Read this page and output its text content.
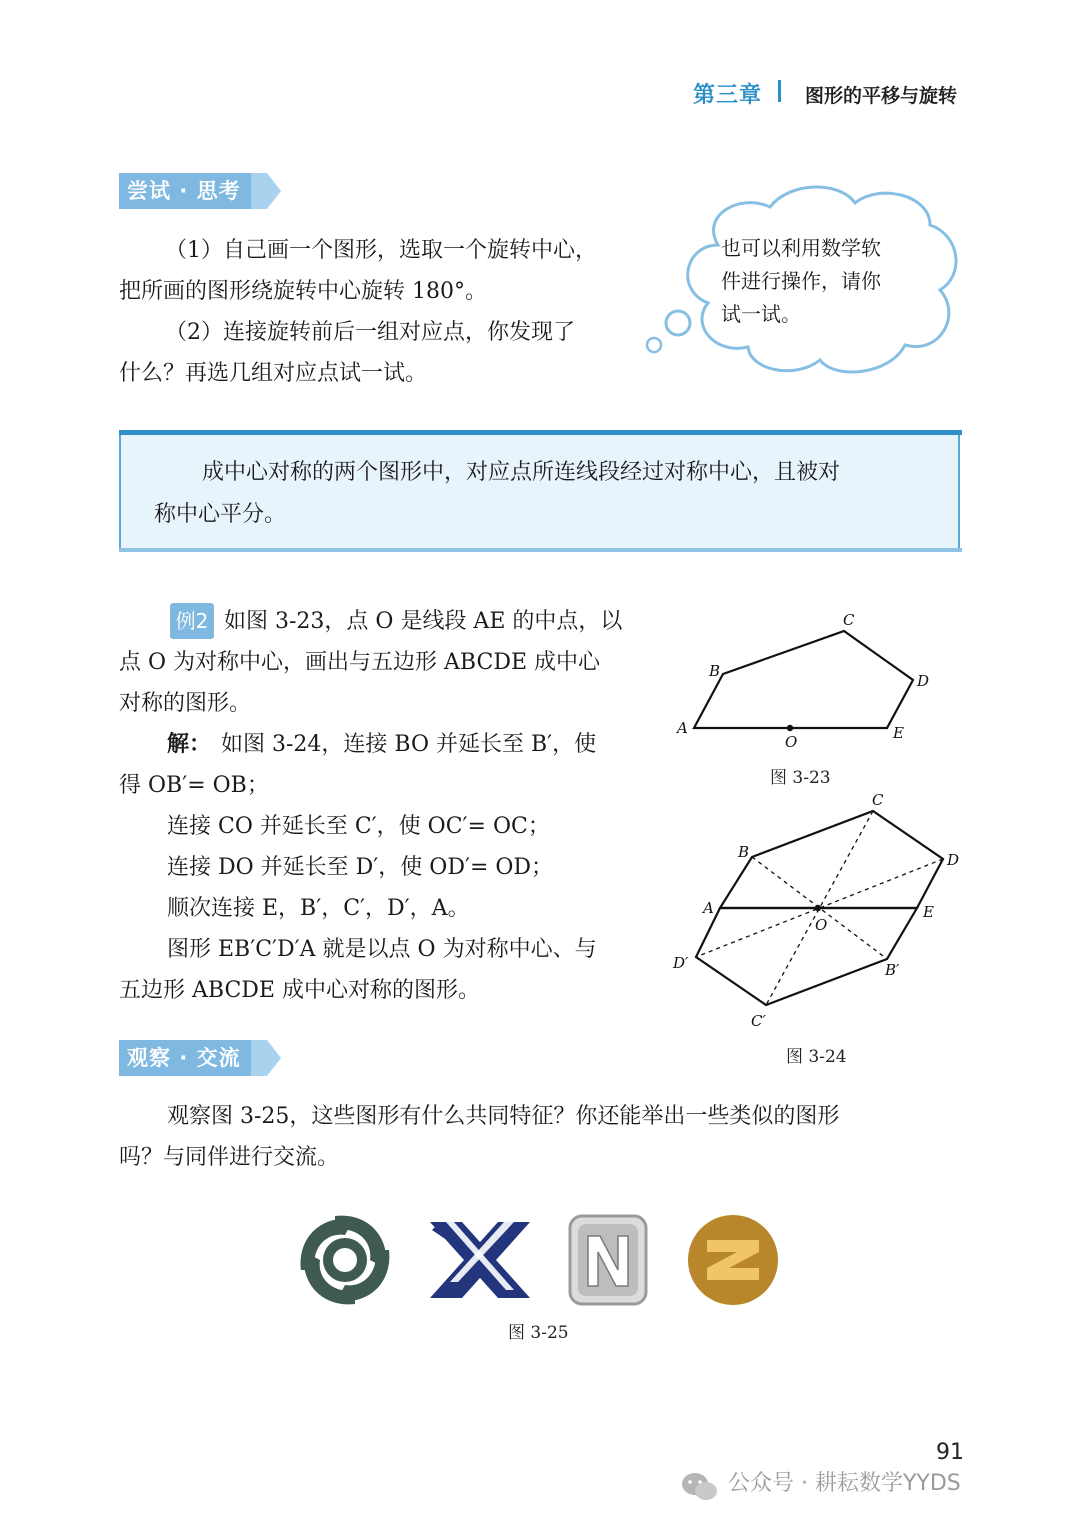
第三章 图形的平移与旋转
尝试 · 思考

（1）自己画一个图形，选取一个旋转中心，

把所画的图形绕旋转中心旋转 180°。

（2）连接旋转前后一组对应点，你发现了

什么？再选几组对应点试一试。

也可以利用数学软
件进行操作，请你
试一试。
成中心对称的两个图形中，对应点所连线段经过对称中心，且被对
称中心平分。
例2 如图 3-23，点 O 是线段 AE 的中点，以
点 O 为对称中心，画出与五边形 ABCDE 成中心
对称的图形。
解： 如图 3-24，连接 BO 并延长至 B′，使
得 OB′= OB；
连接 CO 并延长至 C′，使 OC′= OC；
连接 DO 并延长至 D′，使 OD′= OD；
顺次连接 E，B′，C′，D′，A。
图形 EB′C′D′A 就是以点 O 为对称中心、与
五边形 ABCDE 成中心对称的图形。
A
B
C
D
E
O
图 3-23
A
B
C
D
E
O
B′
C′
D′
图 3-24
观察 · 交流
观察图 3-25，这些图形有什么共同特征？你还能举出一些类似的图形
吗？与同伴进行交流。
图 3-25
91
公众号 · 耕耘数学YYDS
